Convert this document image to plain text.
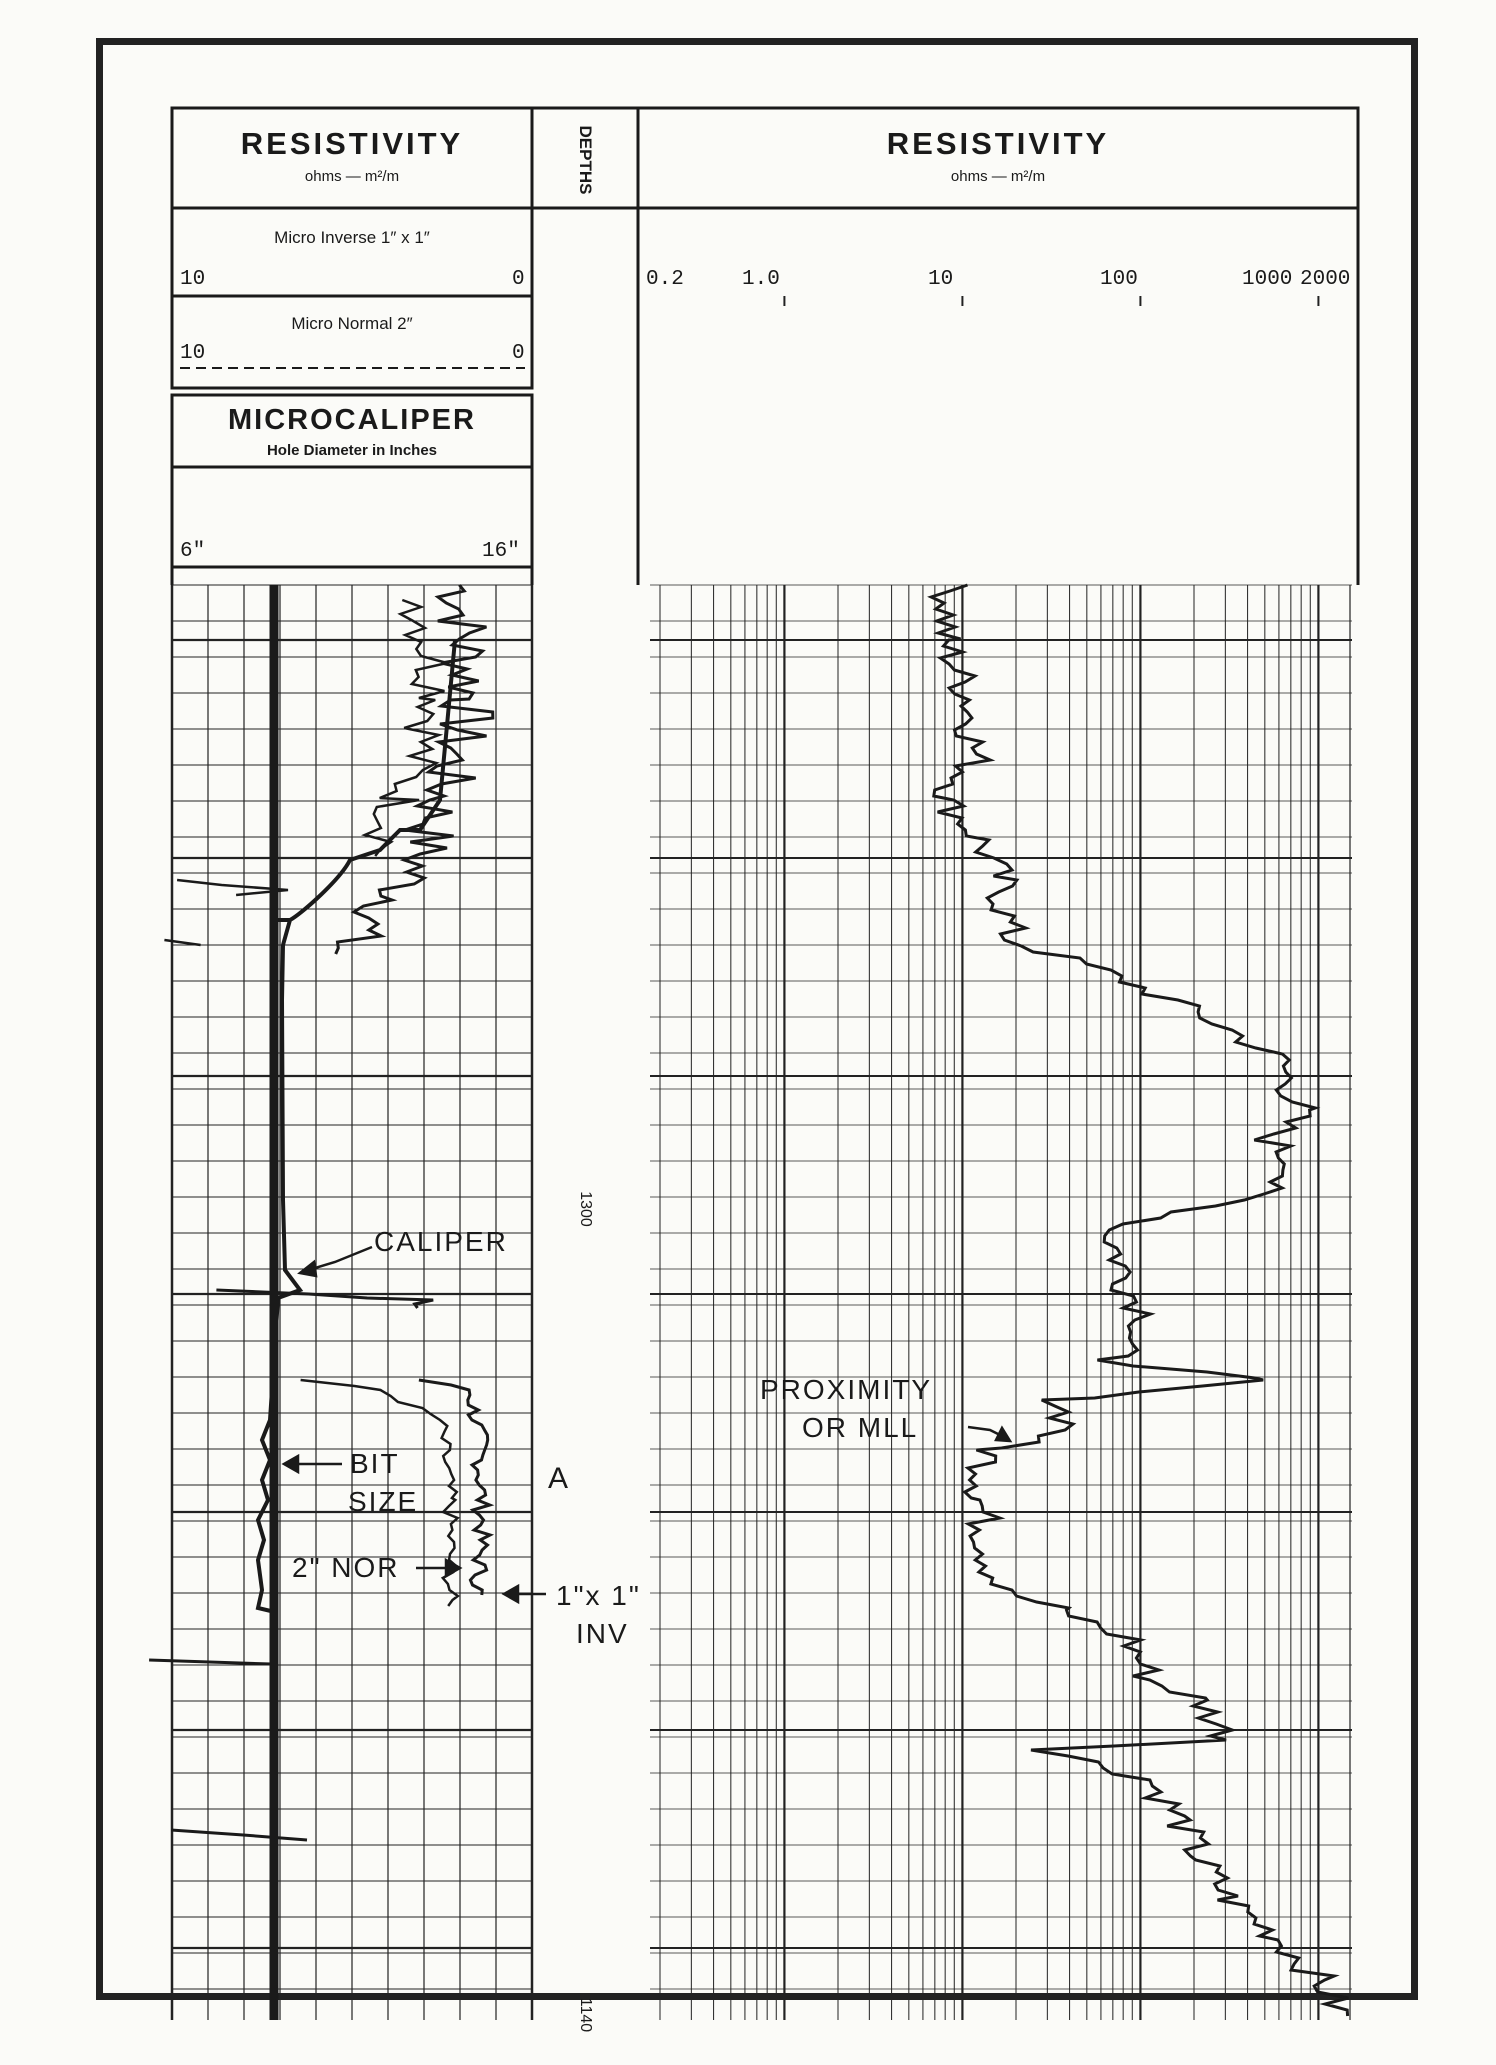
RESISTIVITY
ohms — m²/m
Micro Inverse 1″ x 1″
10	0
Micro Normal 2″
10	0
MICROCALIPER
Hole Diameter in Inches
6″	16″
DEPTHS
1300
1140
RESISTIVITY
ohms — m²/m
0.2	1.0	10	100	1000 2000
CALIPER
BIT
SIZE
2" NOR
A
1"x 1"
INV
PROXIMITY
OR MLL
